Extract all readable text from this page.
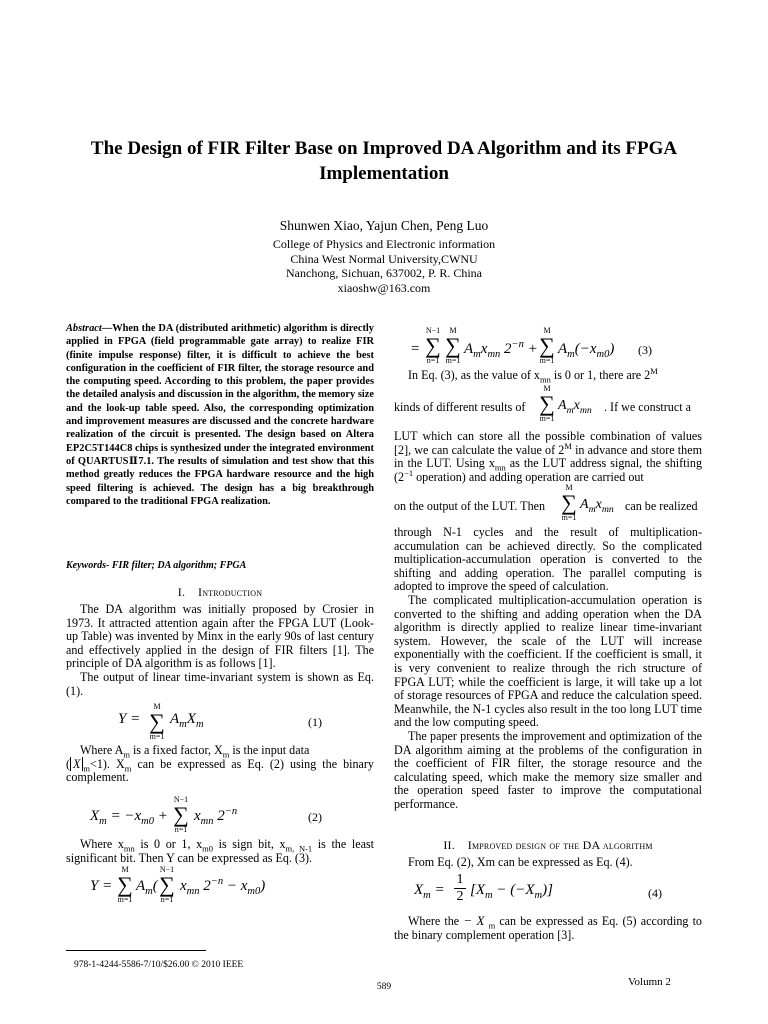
The Design of FIR Filter Base on Improved DA Algorithm and its FPGA Implementation
Shunwen Xiao, Yajun Chen, Peng Luo
College of Physics and Electronic information
China West Normal University,CWNU
Nanchong, Sichuan, 637002, P. R. China
xiaoshw@163.com
Abstract—When the DA (distributed arithmetic) algorithm is directly applied in FPGA (field programmable gate array) to realize FIR (finite impulse response) filter, it is difficult to achieve the best configuration in the coefficient of FIR filter, the storage resource and the computing speed. According to this problem, the paper provides the detailed analysis and discussion in the algorithm, the memory size and the look-up table speed. Also, the corresponding optimization and improvement measures are discussed and the concrete hardware realization of the circuit is presented. The design based on Altera EP2C5T144C8 chips is synthesized under the integrated environment of QUARTUSⅡ7.1. The results of simulation and test show that this method greatly reduces the FPGA hardware resource and the high speed filtering is achieved. The design has a big breakthrough compared to the traditional FPGA realization.
Keywords- FIR filter; DA algorithm; FPGA
I. Introduction

The DA algorithm was initially proposed by Crosier in 1973. It attracted attention again after the FPGA LUT (Look-up Table) was invented by Minx in the early 90s of last century and effectively applied in the design of FIR filters [1]. The principle of DA algorithm is as follows [1].

The output of linear time-invariant system is shown as Eq. (1).

Y =
M
∑
m=1
$A_mX_m$	(1)

Where $A_m$ is a fixed factor, $X_m$ is the input data

( X $_m$<1). $X_m$ can be expressed as Eq. (2) using the binary complement.

$X_m = -x_{m0}$ +
N−1
∑
n=1
$x_{mn}$ $2^{-n}$	(2)

Where $x_{mn}$ is 0 or 1, $x_{m0}$ is sign bit, $x_{m, N-1}$ is the least significant bit. Then Y can be expressed as Eq. (3).

Y =
M
∑
m=1
$A_m$(
N−1
∑
n=1
$x_{mn}$ $2^{-n} - x_{m0}$)
978-1-4244-5586-7/10/$26.00 © 2010 IEEE
589	Volumn 2
=
N−1
∑
n=1
M
∑
m=1
$A_mx_{mn}$ $2^{-n}$ +
M
∑
m=1
$A_m(-x_{m0})$ (3)

In Eq. (3), as the value of $x_{mn}$ is 0 or 1, there are $2^M$

kinds of different results of
M
∑
m=1
$A_mx_{mn}$ . If we construct a

LUT which can store all the possible combination of values [2], we can calculate the value of $2^M$ in advance and store them in the LUT. Using $x_{mn}$ as the LUT address signal, the shifting ($2^{-1}$ operation) and adding operation are carried out

on the output of the LUT. Then
M
∑
m=1
$A_mx_{mn}$ can be realized

through N-1 cycles and the result of multiplication-accumulation can be achieved directly. So the complicated multiplication-accumulation operation is converted to the shifting and adding operation. The parallel computing is adopted to improve the speed of calculation.

The complicated multiplication-accumulation operation is converted to the shifting and adding operation when the DA algorithm is directly applied to realize linear time-invariant system. However, the scale of the LUT will increase exponentially with the coefficient. If the coefficient is small, it is very convenient to realize through the rich structure of FPGA LUT; while the coefficient is large, it will take up a lot of storage resources of FPGA and reduce the calculation speed. Meanwhile, the N-1 cycles also result in the too long LUT time and the low computing speed.

The paper presents the improvement and optimization of the DA algorithm aiming at the problems of the configuration in the coefficient of FIR filter, the storage resource and the calculating speed, which make the memory size smaller and the operation speed faster to improve the computational performance.

II. Improved design of the DA algorithm

From Eq. (2), Xm can be expressed as Eq. (4).

$X_m$ =
1
2 $[X_m - (-X_m)]$	(4)

Where the − X $_m$ can be expressed as Eq. (5) according to the binary complement operation [3].
